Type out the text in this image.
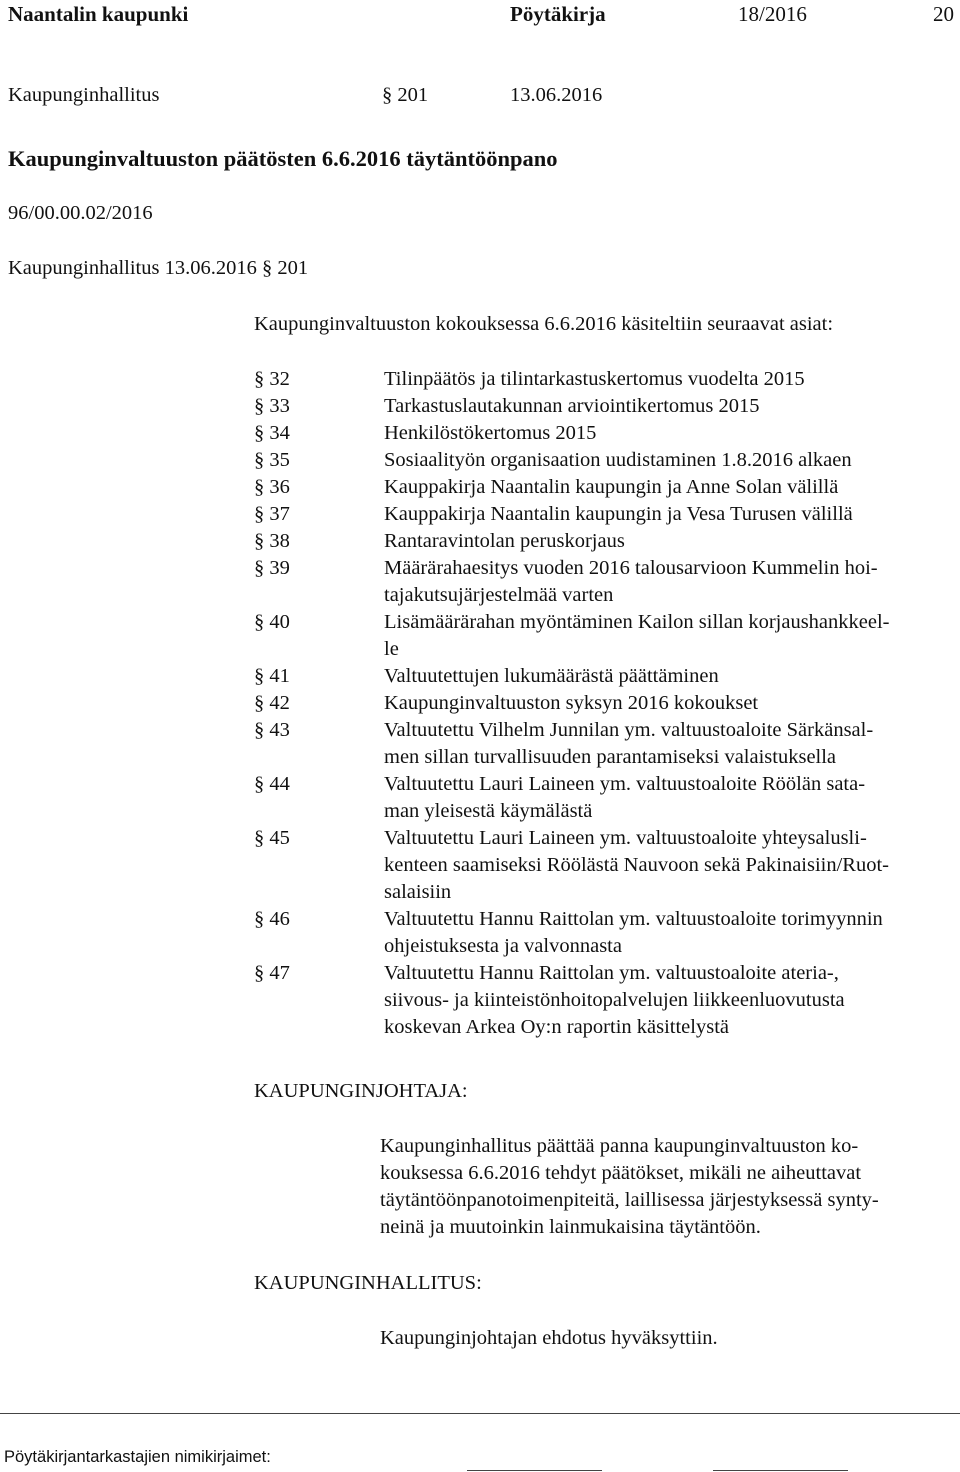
Naantalin kaupunki	Pöytäkirja	18/2016	20
Kaupunginhallitus	§ 201	13.06.2016
Kaupunginvaltuuston päätösten 6.6.2016 täytäntöönpano
96/00.00.02/2016
Kaupunginhallitus 13.06.2016 § 201
Kaupunginvaltuuston kokouksessa 6.6.2016 käsiteltiin seuraavat asiat:
§ 32	Tilinpäätös ja tilintarkastuskertomus vuodelta 2015
§ 33	Tarkastuslautakunnan arviointikertomus 2015
§ 34	Henkilöstökertomus 2015
§ 35	Sosiaalityön organisaation uudistaminen 1.8.2016 alkaen
§ 36	Kauppakirja Naantalin kaupungin ja Anne Solan välillä
§ 37	Kauppakirja Naantalin kaupungin ja Vesa Turusen välillä
§ 38	Rantaravintolan peruskorjaus
§ 39	Määrärahaesitys vuoden 2016 talousarvioon Kummelin hoi-
tajakutsujärjestelmää varten
§ 40	Lisämäärärahan myöntäminen Kailon sillan korjaushankkeel-
le
§ 41	Valtuutettujen lukumäärästä päättäminen
§ 42	Kaupunginvaltuuston syksyn 2016 kokoukset
§ 43	Valtuutettu Vilhelm Junnilan ym. valtuustoaloite Särkänsal-
men sillan turvallisuuden parantamiseksi valaistuksella
§ 44	Valtuutettu Lauri Laineen ym. valtuustoaloite Röölän sata-
man yleisestä käymälästä
§ 45	Valtuutettu Lauri Laineen ym. valtuustoaloite yhteysalusli-
kenteen saamiseksi Röölästä Nauvoon sekä Pakinaisiin/Ruot-
salaisiin
§ 46	Valtuutettu Hannu Raittolan ym. valtuustoaloite torimyynnin
ohjeistuksesta ja valvonnasta
§ 47	Valtuutettu Hannu Raittolan ym. valtuustoaloite ateria-,
siivous- ja kiinteistönhoitopalvelujen liikkeenluovutusta
koskevan Arkea Oy:n raportin käsittelystä
KAUPUNGINJOHTAJA:
Kaupunginhallitus päättää panna kaupunginvaltuuston ko-
kouksessa 6.6.2016 tehdyt päätökset, mikäli ne aiheuttavat
täytäntöönpanotoimenpiteitä, laillisessa järjestyksessä synty-
neinä ja muutoinkin lainmukaisina täytäntöön.
KAUPUNGINHALLITUS:
Kaupunginjohtajan ehdotus hyväksyttiin.
Pöytäkirjantarkastajien nimikirjaimet:
